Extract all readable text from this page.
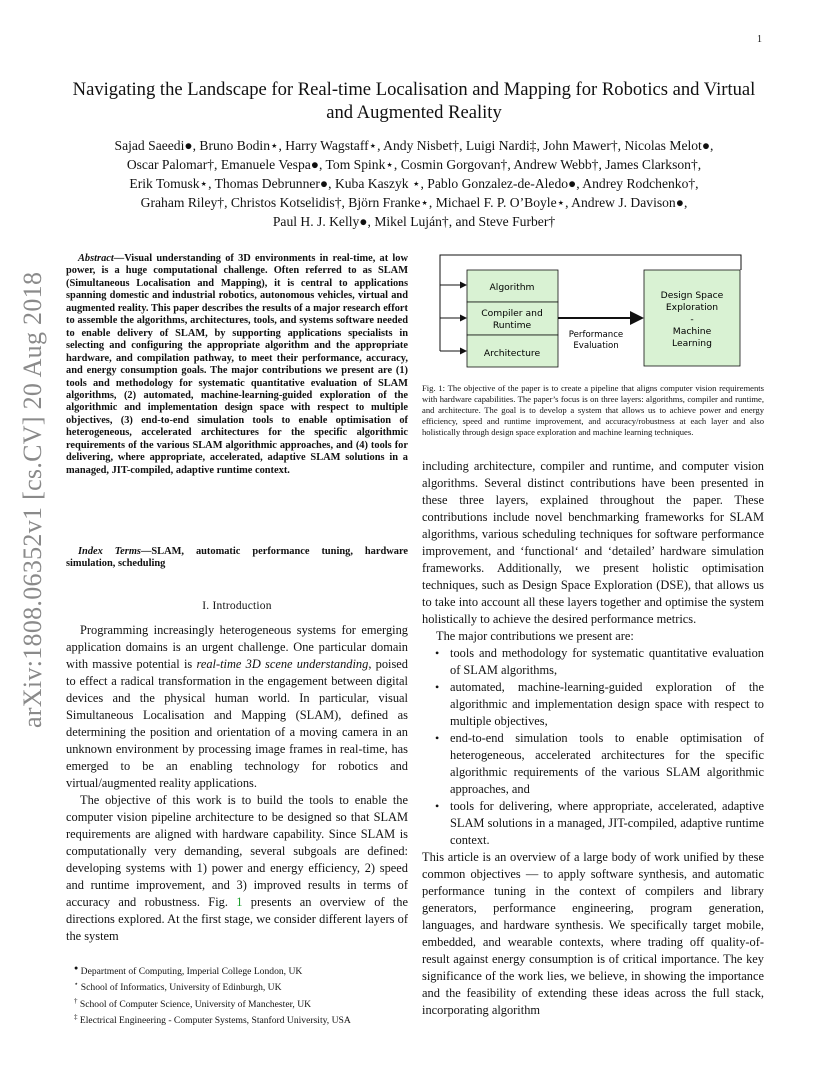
1
arXiv:1808.06352v1 [cs.CV] 20 Aug 2018
Navigating the Landscape for Real-time Localisation and Mapping for Robotics and Virtual
and Augmented Reality
Sajad Saeedi●, Bruno Bodin⋆, Harry Wagstaff⋆, Andy Nisbet†, Luigi Nardi‡, John Mawer†, Nicolas Melot●,
Oscar Palomar†, Emanuele Vespa●, Tom Spink⋆, Cosmin Gorgovan†, Andrew Webb†, James Clarkson†,
Erik Tomusk⋆, Thomas Debrunner●, Kuba Kaszyk ⋆, Pablo Gonzalez-de-Aledo●, Andrey Rodchenko†,
Graham Riley†, Christos Kotselidis†, Björn Franke⋆, Michael F. P. O’Boyle⋆, Andrew J. Davison●,
Paul H. J. Kelly●, Mikel Luján†, and Steve Furber†
Abstract—Visual understanding of 3D environments in real-time, at low power, is a huge computational challenge. Often referred to as SLAM (Simultaneous Localisation and Mapping), it is central to applications spanning domestic and industrial robotics, autonomous vehicles, virtual and augmented reality. This paper describes the results of a major research effort to assemble the algorithms, architectures, tools, and systems software needed to enable delivery of SLAM, by supporting applications specialists in selecting and configuring the appropriate algorithm and the appropriate hardware, and compilation pathway, to meet their performance, accuracy, and energy consumption goals. The major contributions we present are (1) tools and methodology for systematic quantitative evaluation of SLAM algorithms, (2) automated, machine-learning-guided exploration of the algorithmic and implementation design space with respect to multiple objectives, (3) end-to-end simulation tools to enable optimisation of heterogeneous, accelerated architectures for the specific algorithmic requirements of the various SLAM algorithmic approaches, and (4) tools for delivering, where appropriate, accelerated, adaptive SLAM solutions in a managed, JIT-compiled, adaptive runtime context.
Index Terms—SLAM, automatic performance tuning, hardware simulation, scheduling
I. Introduction

Programming increasingly heterogeneous systems for emerging application domains is an urgent challenge. One particular domain with massive potential is real-time 3D scene understanding, poised to effect a radical transformation in the engagement between digital devices and the physical human world. In particular, visual Simultaneous Localisation and Mapping (SLAM), defined as determining the position and orientation of a moving camera in an unknown environment by processing image frames in real-time, has emerged to be an enabling technology for robotics and virtual/augmented reality applications.

The objective of this work is to build the tools to enable the computer vision pipeline architecture to be designed so that SLAM requirements are aligned with hardware capability. Since SLAM is computationally very demanding, several subgoals are defined: developing systems with 1) power and energy efficiency, 2) speed and runtime improvement, and 3) improved results in terms of accuracy and robustness. Fig. 1 presents an overview of the directions explored. At the first stage, we consider different layers of the system

● Department of Computing, Imperial College London, UK
⋆ School of Informatics, University of Edinburgh, UK
† School of Computer Science, University of Manchester, UK
‡ Electrical Engineering - Computer Systems, Stanford University, USA
Algorithm
Compiler and
Runtime
Architecture
Performance
Evaluation
Design Space
Exploration
-
Machine
Learning
Fig. 1: The objective of the paper is to create a pipeline that aligns computer vision requirements with hardware capabilities. The paper’s focus is on three layers: algorithms, compiler and runtime, and architecture. The goal is to develop a system that allows us to achieve power and energy efficiency, speed and runtime improvement, and accuracy/robustness at each layer and also holistically through design space exploration and machine learning techniques.

including architecture, compiler and runtime, and computer vision algorithms. Several distinct contributions have been presented in these three layers, explained throughout the paper. These contributions include novel benchmarking frameworks for SLAM algorithms, various scheduling techniques for software performance improvement, and ‘functional‘ and ‘detailed’ hardware simulation frameworks. Additionally, we present holistic optimisation techniques, such as Design Space Exploration (DSE), that allows us to take into account all these layers together and optimise the system holistically to achieve the desired performance metrics.

The major contributions we present are:

• tools and methodology for systematic quantitative evaluation of SLAM algorithms,
• automated, machine-learning-guided exploration of the algorithmic and implementation design space with respect to multiple objectives,
• end-to-end simulation tools to enable optimisation of heterogeneous, accelerated architectures for the specific algorithmic requirements of the various SLAM algorithmic approaches, and
• tools for delivering, where appropriate, accelerated, adaptive SLAM solutions in a managed, JIT-compiled, adaptive runtime context.

This article is an overview of a large body of work unified by these common objectives — to apply software synthesis, and automatic performance tuning in the context of compilers and library generators, performance engineering, program generation, languages, and hardware synthesis. We specifically target mobile, embedded, and wearable contexts, where trading off quality-of-result against energy consumption is of critical importance. The key significance of the work lies, we believe, in showing the importance and the feasibility of extending these ideas across the full stack, incorporating algorithm
